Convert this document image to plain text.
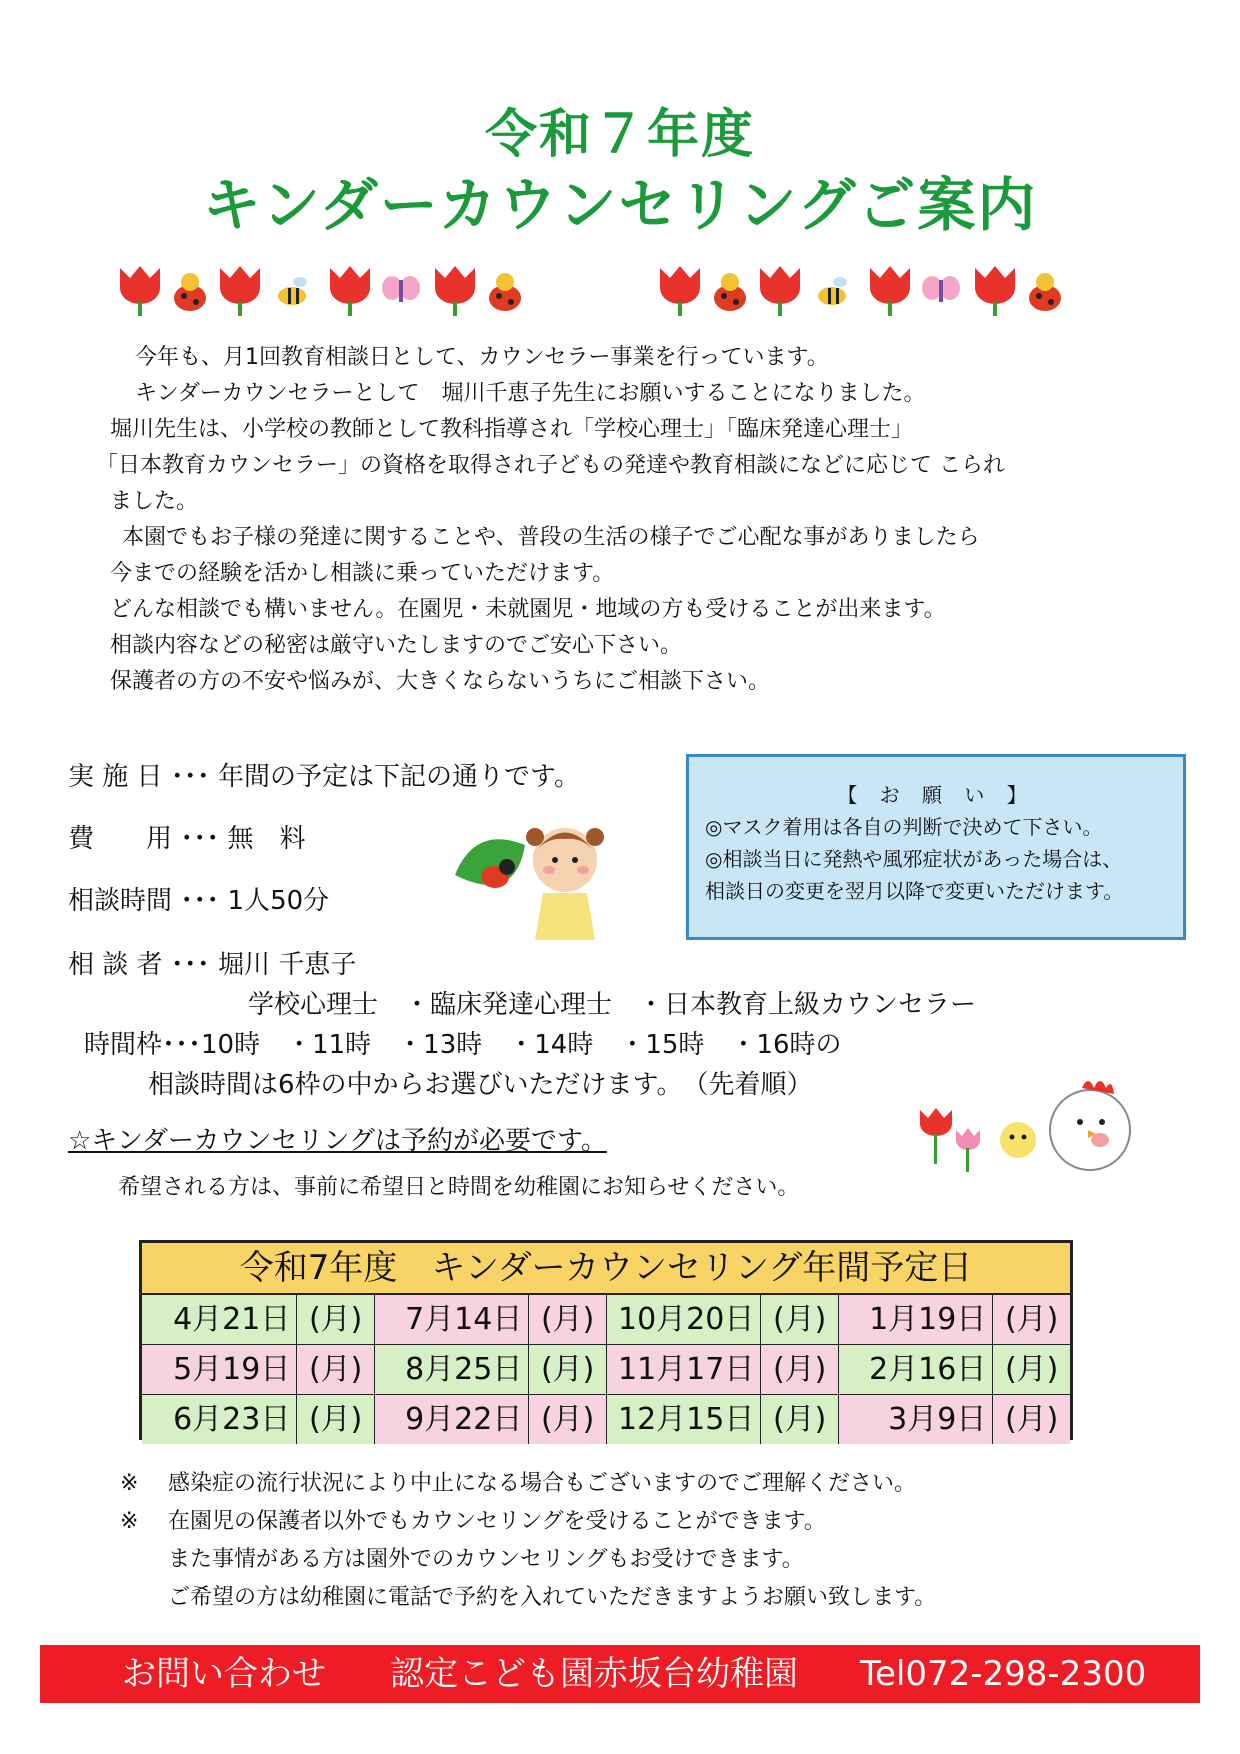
令和７年度
キンダーカウンセリングご案内
今年も、月1回教育相談日として、カウンセラー事業を行っています。
キンダーカウンセラーとして　堀川千恵子先生にお願いすることになりました。
堀川先生は、小学校の教師として教科指導され「学校心理士」「臨床発達心理士」
「日本教育カウンセラー」の資格を取得され子どもの発達や教育相談になどに応じて こられ
ました。
本園でもお子様の発達に関することや、普段の生活の様子でご心配な事がありましたら
今までの経験を活かし相談に乗っていただけます。
どんな相談でも構いません。在園児・未就園児・地域の方も受けることが出来ます。
相談内容などの秘密は厳守いたしますのでご安心下さい。
保護者の方の不安や悩みが、大きくならないうちにご相談下さい。
実 施 日 ･･･ 年間の予定は下記の通りです。
費　　用 ･･･ 無　料
相談時間 ･･･ 1人50分
相 談 者 ･･･ 堀川 千恵子
学校心理士　・臨床発達心理士　・日本教育上級カウンセラー
時間枠･･･10時　・11時　・13時　・14時　・15時　・16時の
相談時間は6枠の中からお選びいただけます。　（先着順）
【 お 願 い 】
◎マスク着用は各自の判断で決めて下さい。
◎相談当日に発熱や風邪症状があった場合は、
相談日の変更を翌月以降で変更いただけます。
☆キンダーカウンセリングは予約が必要です。
希望される方は、事前に希望日と時間を幼稚園にお知らせください。
令和7年度　キンダーカウンセリング年間予定日
4月21日 (月)	7月14日 (月) 10月20日 (月)	1月19日 (月)
5月19日 (月)	8月25日 (月) 11月17日 (月)	2月16日 (月)
6月23日 (月)	9月22日 (月) 12月15日 (月)	3月9日 (月)
※ 感染症の流行状況により中止になる場合もございますのでご理解ください。
※ 在園児の保護者以外でもカウンセリングを受けることができます。
また事情がある方は園外でのカウンセリングもお受けできます。
ご希望の方は幼稚園に電話で予約を入れていただきますようお願い致します。
お問い合わせ 認定こども園赤坂台幼稚園 Tel072-298-2300
